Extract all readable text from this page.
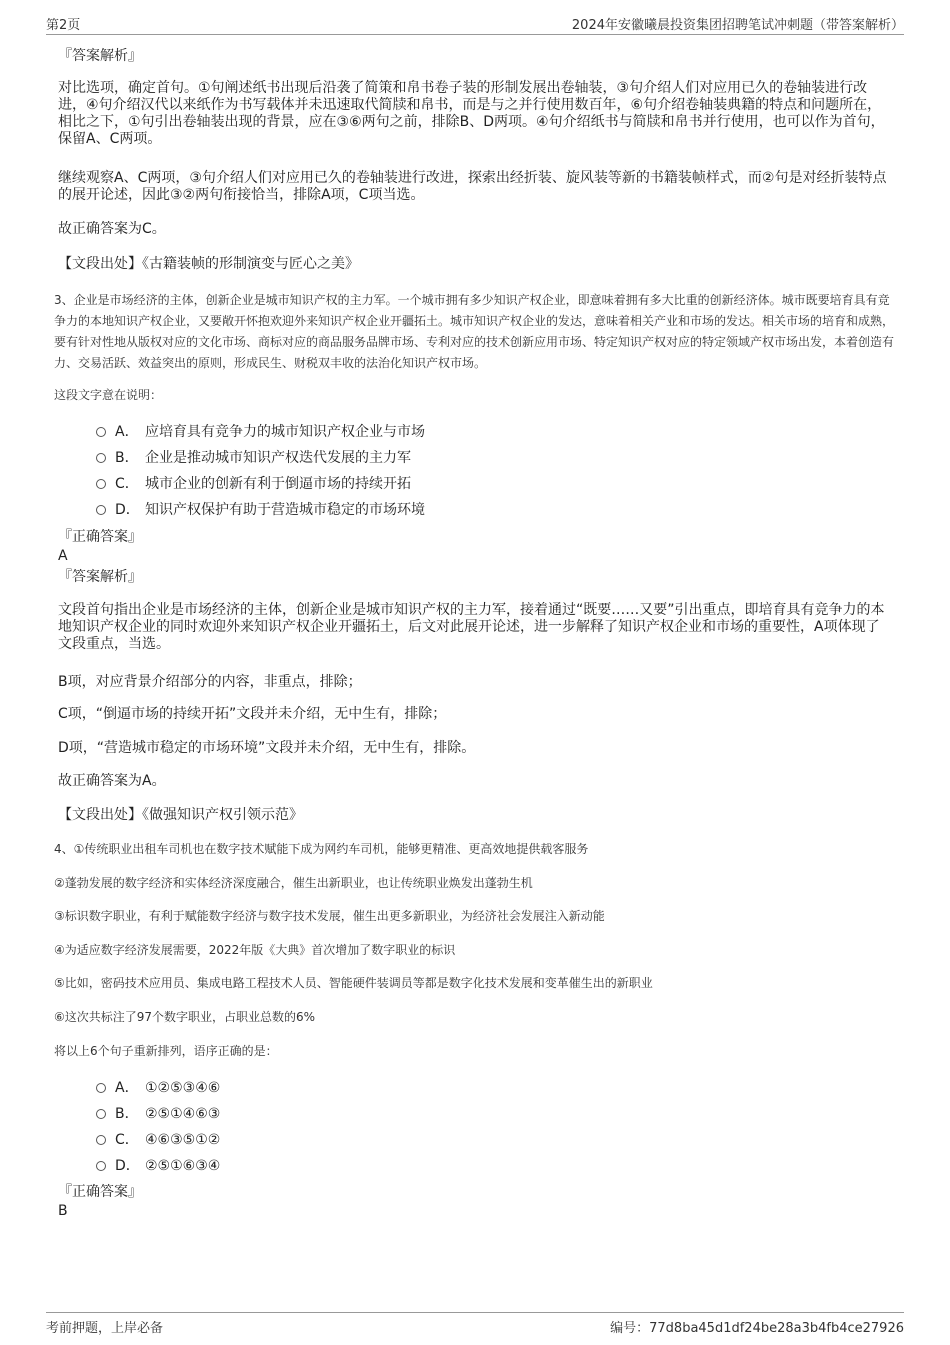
第2页	2024年安徽曦晨投资集团招聘笔试冲刺题（带答案解析）
『答案解析』
对比选项，确定首句。①句阐述纸书出现后沿袭了简策和帛书卷子装的形制发展出卷轴装，③句介绍人们对应用已久的卷轴装进行改进，④句介绍汉代以来纸作为书写载体并未迅速取代简牍和帛书，而是与之并行使用数百年，⑥句介绍卷轴装典籍的特点和问题所在，相比之下，①句引出卷轴装出现的背景，应在③⑥两句之前，排除B、D两项。④句介绍纸书与简牍和帛书并行使用，也可以作为首句，保留A、C两项。
继续观察A、C两项，③句介绍人们对应用已久的卷轴装进行改进，探索出经折装、旋风装等新的书籍装帧样式，而②句是对经折装特点的展开论述，因此③②两句衔接恰当，排除A项，C项当选。
故正确答案为C。
【文段出处】《古籍装帧的形制演变与匠心之美》
3、企业是市场经济的主体，创新企业是城市知识产权的主力军。一个城市拥有多少知识产权企业，即意味着拥有多大比重的创新经济体。城市既要培育具有竞争力的本地知识产权企业，又要敞开怀抱欢迎外来知识产权企业开疆拓土。城市知识产权企业的发达，意味着相关产业和市场的发达。相关市场的培育和成熟，要有针对性地从版权对应的文化市场、商标对应的商品服务品牌市场、专利对应的技术创新应用市场、特定知识产权对应的特定领域产权市场出发，本着创造有力、交易活跃、效益突出的原则，形成民生、财税双丰收的法治化知识产权市场。
这段文字意在说明：
A． 应培育具有竞争力的城市知识产权企业与市场
B． 企业是推动城市知识产权迭代发展的主力军
C． 城市企业的创新有利于倒逼市场的持续开拓
D． 知识产权保护有助于营造城市稳定的市场环境
『正确答案』
A
『答案解析』
文段首句指出企业是市场经济的主体，创新企业是城市知识产权的主力军，接着通过“既要……又要”引出重点，即培育具有竞争力的本地知识产权企业的同时欢迎外来知识产权企业开疆拓土，后文对此展开论述，进一步解释了知识产权企业和市场的重要性，A项体现了文段重点，当选。
B项，对应背景介绍部分的内容，非重点，排除；
C项，“倒逼市场的持续开拓”文段并未介绍，无中生有，排除；
D项，“营造城市稳定的市场环境”文段并未介绍，无中生有，排除。
故正确答案为A。
【文段出处】《做强知识产权引领示范》
4、①传统职业出租车司机也在数字技术赋能下成为网约车司机，能够更精准、更高效地提供载客服务
②蓬勃发展的数字经济和实体经济深度融合，催生出新职业，也让传统职业焕发出蓬勃生机
③标识数字职业，有利于赋能数字经济与数字技术发展，催生出更多新职业，为经济社会发展注入新动能
④为适应数字经济发展需要，2022年版《大典》首次增加了数字职业的标识
⑤比如，密码技术应用员、集成电路工程技术人员、智能硬件装调员等都是数字化技术发展和变革催生出的新职业
⑥这次共标注了97个数字职业，占职业总数的6%
将以上6个句子重新排列，语序正确的是：
A． ①②⑤③④⑥
B． ②⑤①④⑥③
C． ④⑥③⑤①②
D． ②⑤①⑥③④
『正确答案』
B
考前押题，上岸必备	编号：77d8ba45d1df24be28a3b4fb4ce27926
